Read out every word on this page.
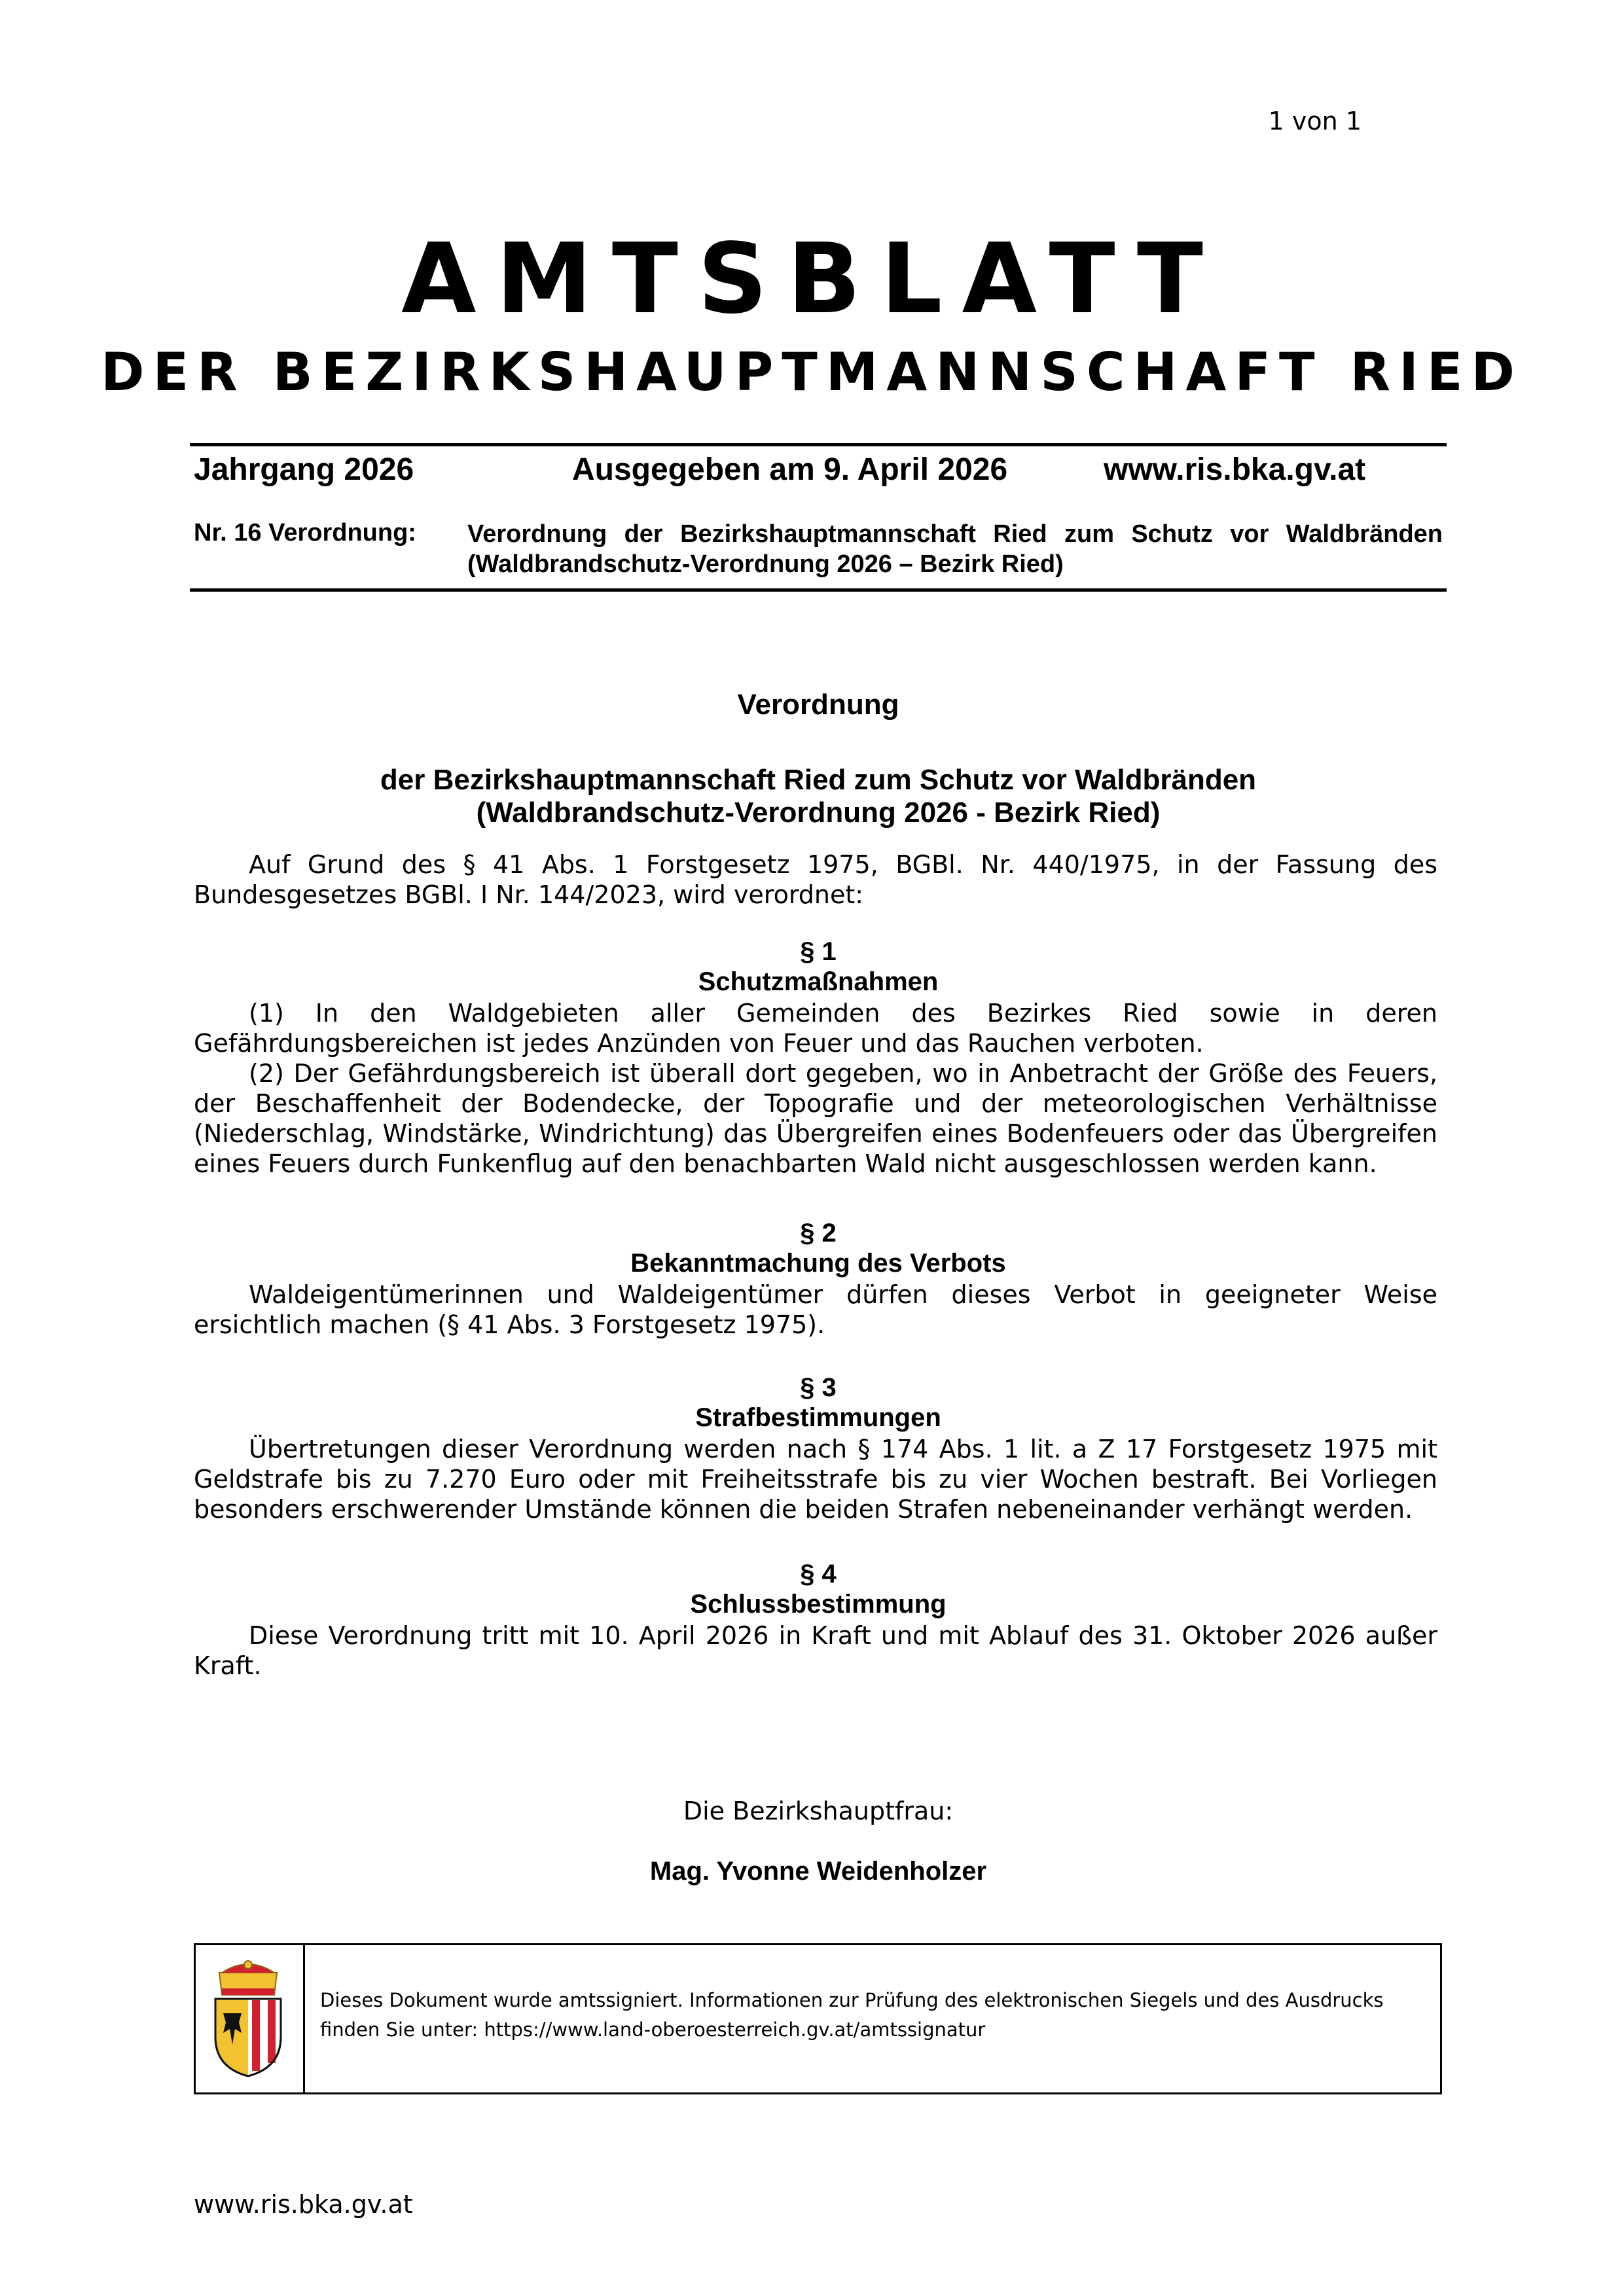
1 von 1
AMTSBLATT
DER BEZIRKSHAUPTMANNSCHAFT RIED
Jahrgang 2026	Ausgegeben am 9. April 2026	www.ris.bka.gv.at
Nr. 16 Verordnung: Verordnung der Bezirkshauptmannschaft Ried zum Schutz vor Waldbränden (Waldbrandschutz-Verordnung 2026 – Bezirk Ried)
Verordnung
der Bezirkshauptmannschaft Ried zum Schutz vor Waldbränden
(Waldbrandschutz-Verordnung 2026 - Bezirk Ried)
Auf Grund des § 41 Abs. 1 Forstgesetz 1975, BGBl. Nr. 440/1975, in der Fassung des Bundesgesetzes BGBl. I Nr. 144/2023, wird verordnet:
§ 1
Schutzmaßnahmen
(1) In den Waldgebieten aller Gemeinden des Bezirkes Ried sowie in deren Gefährdungsbereichen ist jedes Anzünden von Feuer und das Rauchen verboten.
(2) Der Gefährdungsbereich ist überall dort gegeben, wo in Anbetracht der Größe des Feuers, der Beschaffenheit der Bodendecke, der Topografie und der meteorologischen Verhältnisse (Niederschlag, Windstärke, Windrichtung) das Übergreifen eines Bodenfeuers oder das Übergreifen eines Feuers durch Funkenflug auf den benachbarten Wald nicht ausgeschlossen werden kann.
§ 2
Bekanntmachung des Verbots
Waldeigentümerinnen und Waldeigentümer dürfen dieses Verbot in geeigneter Weise ersichtlich machen (§ 41 Abs. 3 Forstgesetz 1975).
§ 3
Strafbestimmungen
Übertretungen dieser Verordnung werden nach § 174 Abs. 1 lit. a Z 17 Forstgesetz 1975 mit Geldstrafe bis zu 7.270 Euro oder mit Freiheitsstrafe bis zu vier Wochen bestraft. Bei Vorliegen besonders erschwerender Umstände können die beiden Strafen nebeneinander verhängt werden.
§ 4
Schlussbestimmung
Diese Verordnung tritt mit 10. April 2026 in Kraft und mit Ablauf des 31. Oktober 2026 außer Kraft.
Die Bezirkshauptfrau:
Mag. Yvonne Weidenholzer
Dieses Dokument wurde amtssigniert. Informationen zur Prüfung des elektronischen Siegels und des Ausdrucks finden Sie unter: https://www.land-oberoesterreich.gv.at/amtssignatur
www.ris.bka.gv.at
